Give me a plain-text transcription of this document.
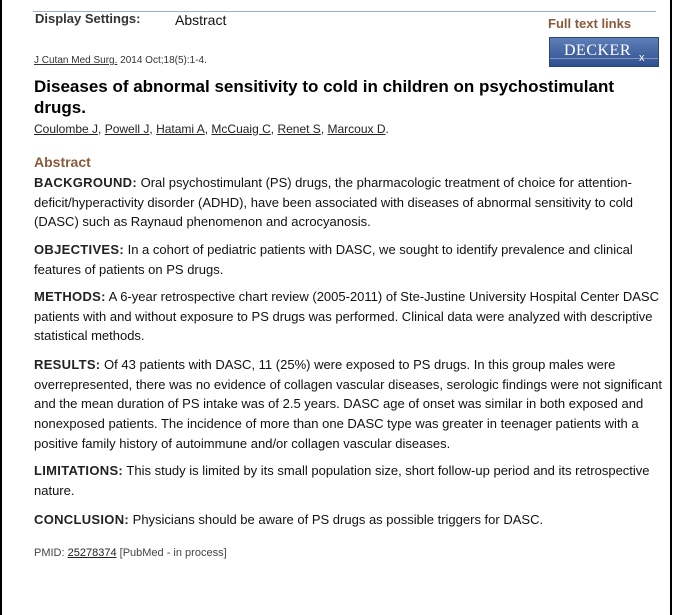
Display Settings: Abstract	Full text links
DECKER x
J Cutan Med Surg. 2014 Oct;18(5):1-4.
Diseases of abnormal sensitivity to cold in children on psychostimulant drugs.
Coulombe J, Powell J, Hatami A, McCuaig C, Renet S, Marcoux D.
Abstract
BACKGROUND: Oral psychostimulant (PS) drugs, the pharmacologic treatment of choice for attention-deficit/hyperactivity disorder (ADHD), have been associated with diseases of abnormal sensitivity to cold (DASC) such as Raynaud phenomenon and acrocyanosis.
OBJECTIVES: In a cohort of pediatric patients with DASC, we sought to identify prevalence and clinical features of patients on PS drugs.
METHODS: A 6-year retrospective chart review (2005-2011) of Ste-Justine University Hospital Center DASC patients with and without exposure to PS drugs was performed. Clinical data were analyzed with descriptive statistical methods.
RESULTS: Of 43 patients with DASC, 11 (25%) were exposed to PS drugs. In this group males were overrepresented, there was no evidence of collagen vascular diseases, serologic findings were not significant and the mean duration of PS intake was of 2.5 years. DASC age of onset was similar in both exposed and nonexposed patients. The incidence of more than one DASC type was greater in teenager patients with a positive family history of autoimmune and/or collagen vascular diseases.
LIMITATIONS: This study is limited by its small population size, short follow-up period and its retrospective nature.
CONCLUSION: Physicians should be aware of PS drugs as possible triggers for DASC.
PMID: 25278374 [PubMed - in process]
